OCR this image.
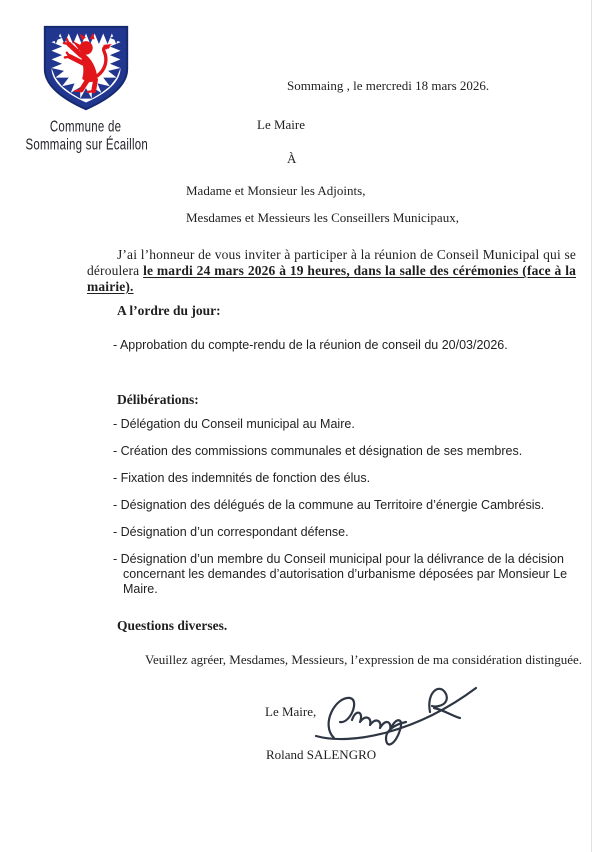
Commune de
Sommaing sur Écaillon
Sommaing , le mercredi 18 mars 2026.
Le Maire
À
Madame et Monsieur les Adjoints,
Mesdames et Messieurs les Conseillers Municipaux,
J’ai l’honneur de vous inviter à participer à la réunion de Conseil Municipal qui se
déroulera le mardi 24 mars 2026 à 19 heures, dans la salle des cérémonies (face à la mairie).
A l’ordre du jour:
- Approbation du compte-rendu de la réunion de conseil du 20/03/2026.
Délibérations:
- Délégation du Conseil municipal au Maire.
- Création des commissions communales et désignation de ses membres.
- Fixation des indemnités de fonction des élus.
- Désignation des délégués de la commune au Territoire d’énergie Cambrésis.
- Désignation d’un correspondant défense.
- Désignation d’un membre du Conseil municipal pour la délivrance de la décision concernant les demandes d’autorisation d’urbanisme déposées par Monsieur Le Maire.
Questions diverses.
Veuillez agréer, Mesdames, Messieurs, l’expression de ma considération distinguée.
Le Maire,
Roland SALENGRO
